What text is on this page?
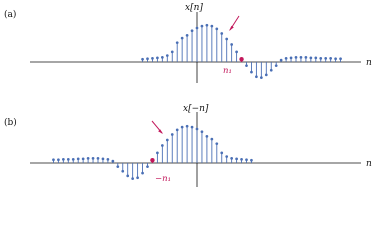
(a)
x[n]
n
n₁
(b)
x[−n]
n
−n₁
